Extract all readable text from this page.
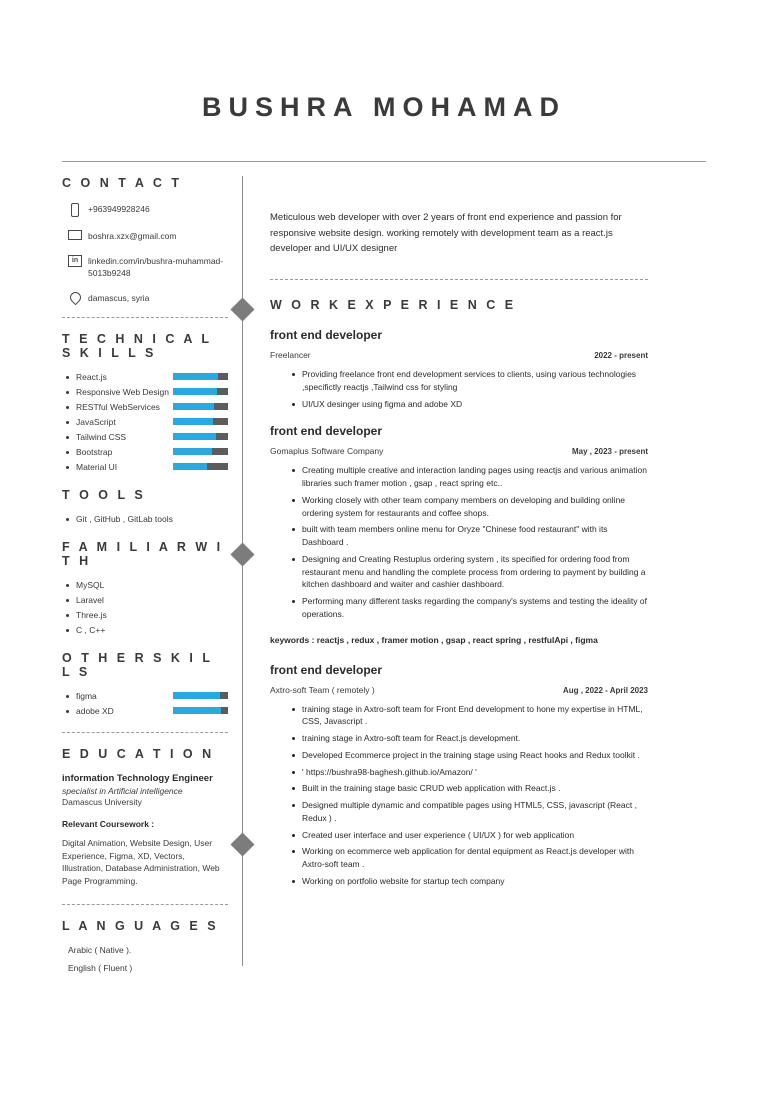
BUSHRA MOHAMAD
C O N T A C T
+963949928246
boshra.xzx@gmail.com
in	linkedin.com/in/bushra-muhammad-5013b9248
damascus, syria
T E C H N I C A L S K I L L S
React.js
Responsive Web Design
RESTful WebServices
JavaScript
Tailwind CSS
Bootstrap
Material UI
T O O L S
Git , GitHub , GitLab tools
F A M I L I A R W I T H
MySQL
Laravel
Three.js
C , C++
O T H E R S K I L L S
figma
adobe XD
E D U C A T I O N
information Technology Engineer
specialist in Artificial intelligence
Damascus University
Relevant Coursework :
Digital Animation, Website Design, User Experience, Figma, XD, Vectors, Illustration, Database Administration, Web Page Programming.
L A N G U A G E S
Arabic ( Native ).
English ( Fluent )
Meticulous web developer with over 2 years of front end experience and passion for responsive website design. working remotely with development team as a react.js developer and UI/UX designer
W O R K E X P E R I E N C E
front end developer
Freelancer	2022 - present
Providing freelance front end development services to clients, using various technologies ,specifictly reactjs ,Tailwind css for styling
UI/UX desinger using figma and adobe XD
front end developer
Gomaplus Software Company	May , 2023 - present
Creating multiple creative and interaction landing pages using reactjs and various animation libraries such framer motion , gsap , react spring etc..
Working closely with other team company members on developing and building online ordering system for restaurants and coffee shops.
built with team members online menu for Oryze "Chinese food restaurant" with its Dashboard .
Designing and Creating Restuplus ordering system , its specified for ordering food from restaurant menu and handling the complete process from ordering to payment by building a kitchen dashboard and waiter and cashier dashboard.
Performing many different tasks regarding the company's systems and testing the ideality of operations.
keywords : reactjs , redux , framer motion , gsap , react spring , restfulApi , figma
front end developer
Axtro-soft Team ( remotely )	Aug , 2022 - April 2023
training stage in Axtro-soft team for Front End development to hone my expertise in HTML, CSS, Javascript .
training stage in Axtro-soft team for React.js development.
Developed Ecommerce project in the training stage using React hooks and Redux toolkit .
' https://bushra98-baghesh.github.io/Amazon/ '
Built in the training stage basic CRUD web application with React.js .
Designed multiple dynamic and compatible pages using HTML5, CSS, javascript (React , Redux ) .
Created user interface and user experience ( UI/UX ) for web application
Working on ecommerce web application for dental equipment as React.js developer with Axtro-soft team .
Working on portfolio website for startup tech company
